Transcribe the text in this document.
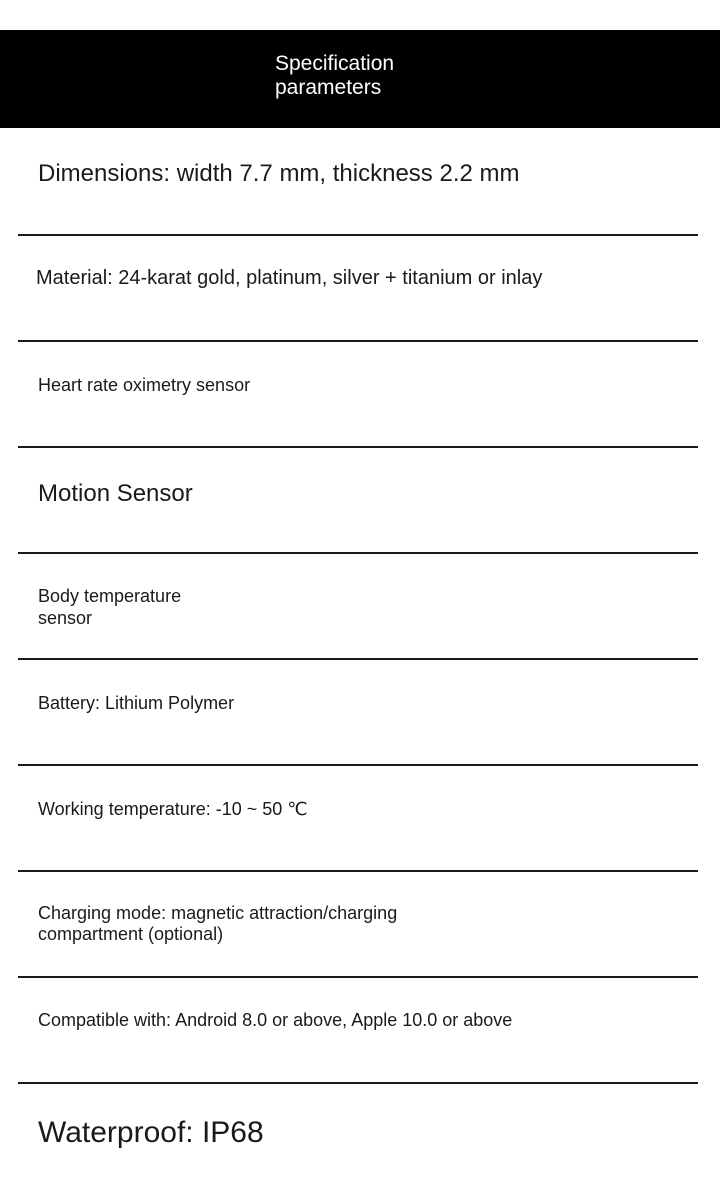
Specification parameters
Dimensions: width 7.7 mm, thickness 2.2 mm
Material: 24-karat gold, platinum, silver + titanium or inlay
Heart rate oximetry sensor
Motion Sensor
Body temperature sensor
Battery: Lithium Polymer
Working temperature: -10 ~ 50 ℃
Charging mode: magnetic attraction/charging compartment (optional)
Compatible with: Android 8.0 or above, Apple 10.0 or above
Waterproof: IP68
